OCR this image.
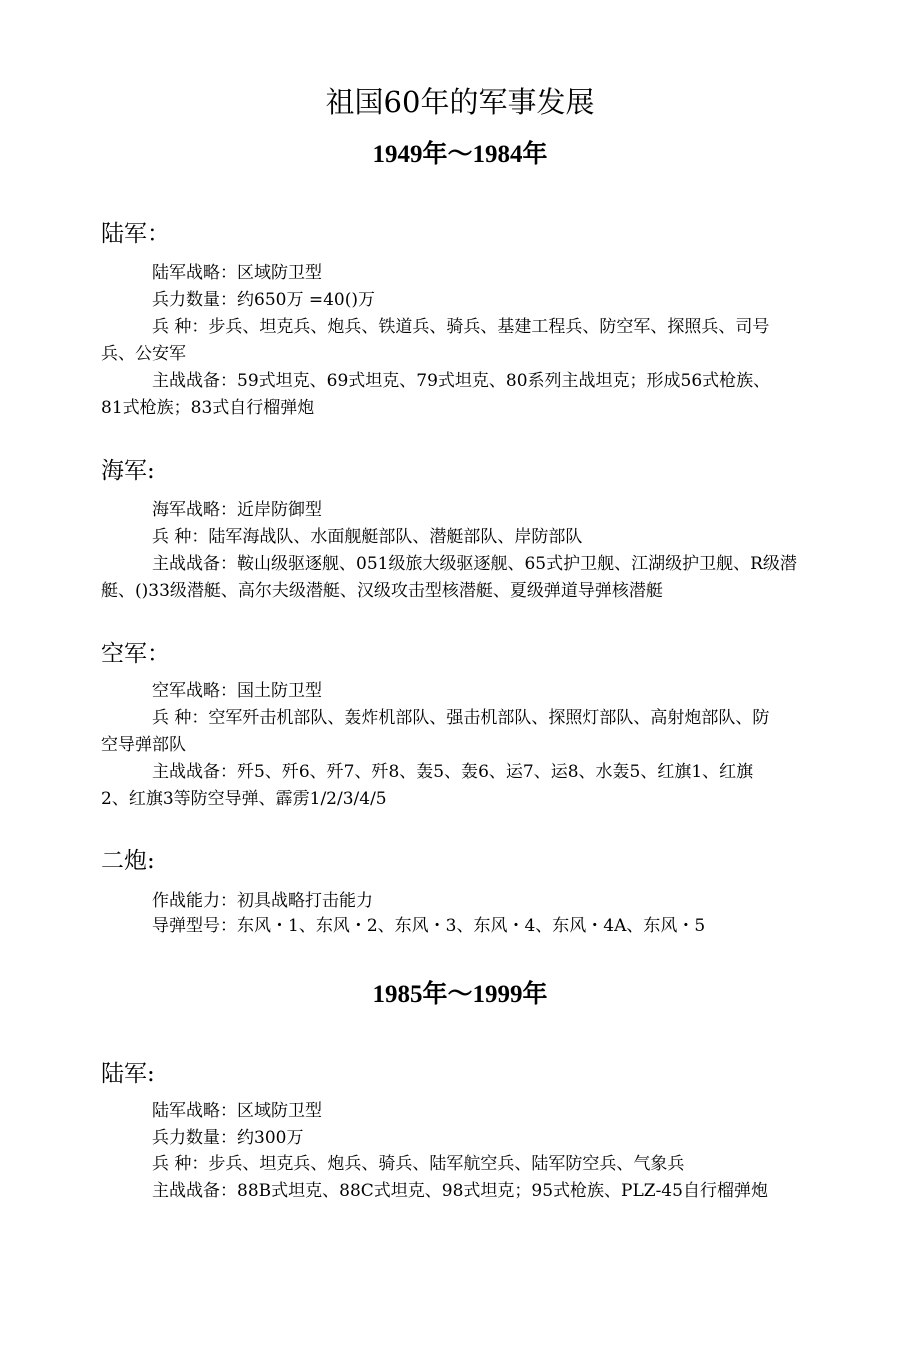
祖国60年的军事发展
1949年～1984年
陆军：
陆军战略：区域防卫型
兵力数量：约650万 =40()万
兵 种：步兵、坦克兵、炮兵、铁道兵、骑兵、基建工程兵、防空军、探照兵、司号兵、公安军
主战战备：59式坦克、69式坦克、79式坦克、80系列主战坦克；形成56式枪族、81式枪族；83式自行榴弹炮
海军:
海军战略：近岸防御型
兵 种：陆军海战队、水面舰艇部队、潜艇部队、岸防部队
主战战备：鞍山级驱逐舰、051级旅大级驱逐舰、65式护卫舰、江湖级护卫舰、R级潜艇、()33级潜艇、高尔夫级潜艇、汉级攻击型核潜艇、夏级弹道导弹核潜艇
空军：
空军战略：国土防卫型
兵 种：空军歼击机部队、轰炸机部队、强击机部队、探照灯部队、高射炮部队、防空导弹部队
主战战备：歼5、歼6、歼7、歼8、轰5、轰6、运7、运8、水轰5、红旗1、红旗2、红旗3等防空导弹、霹雳1/2/3/4/5
二炮:
作战能力：初具战略打击能力
导弹型号：东风・1、东风・2、东风・3、东风・4、东风・4A、东风・5
1985年～1999年
陆军:
陆军战略：区域防卫型
兵力数量：约300万
兵 种：步兵、坦克兵、炮兵、骑兵、陆军航空兵、陆军防空兵、气象兵
主战战备：88B式坦克、88C式坦克、98式坦克；95式枪族、PLZ-45自行榴弹炮
